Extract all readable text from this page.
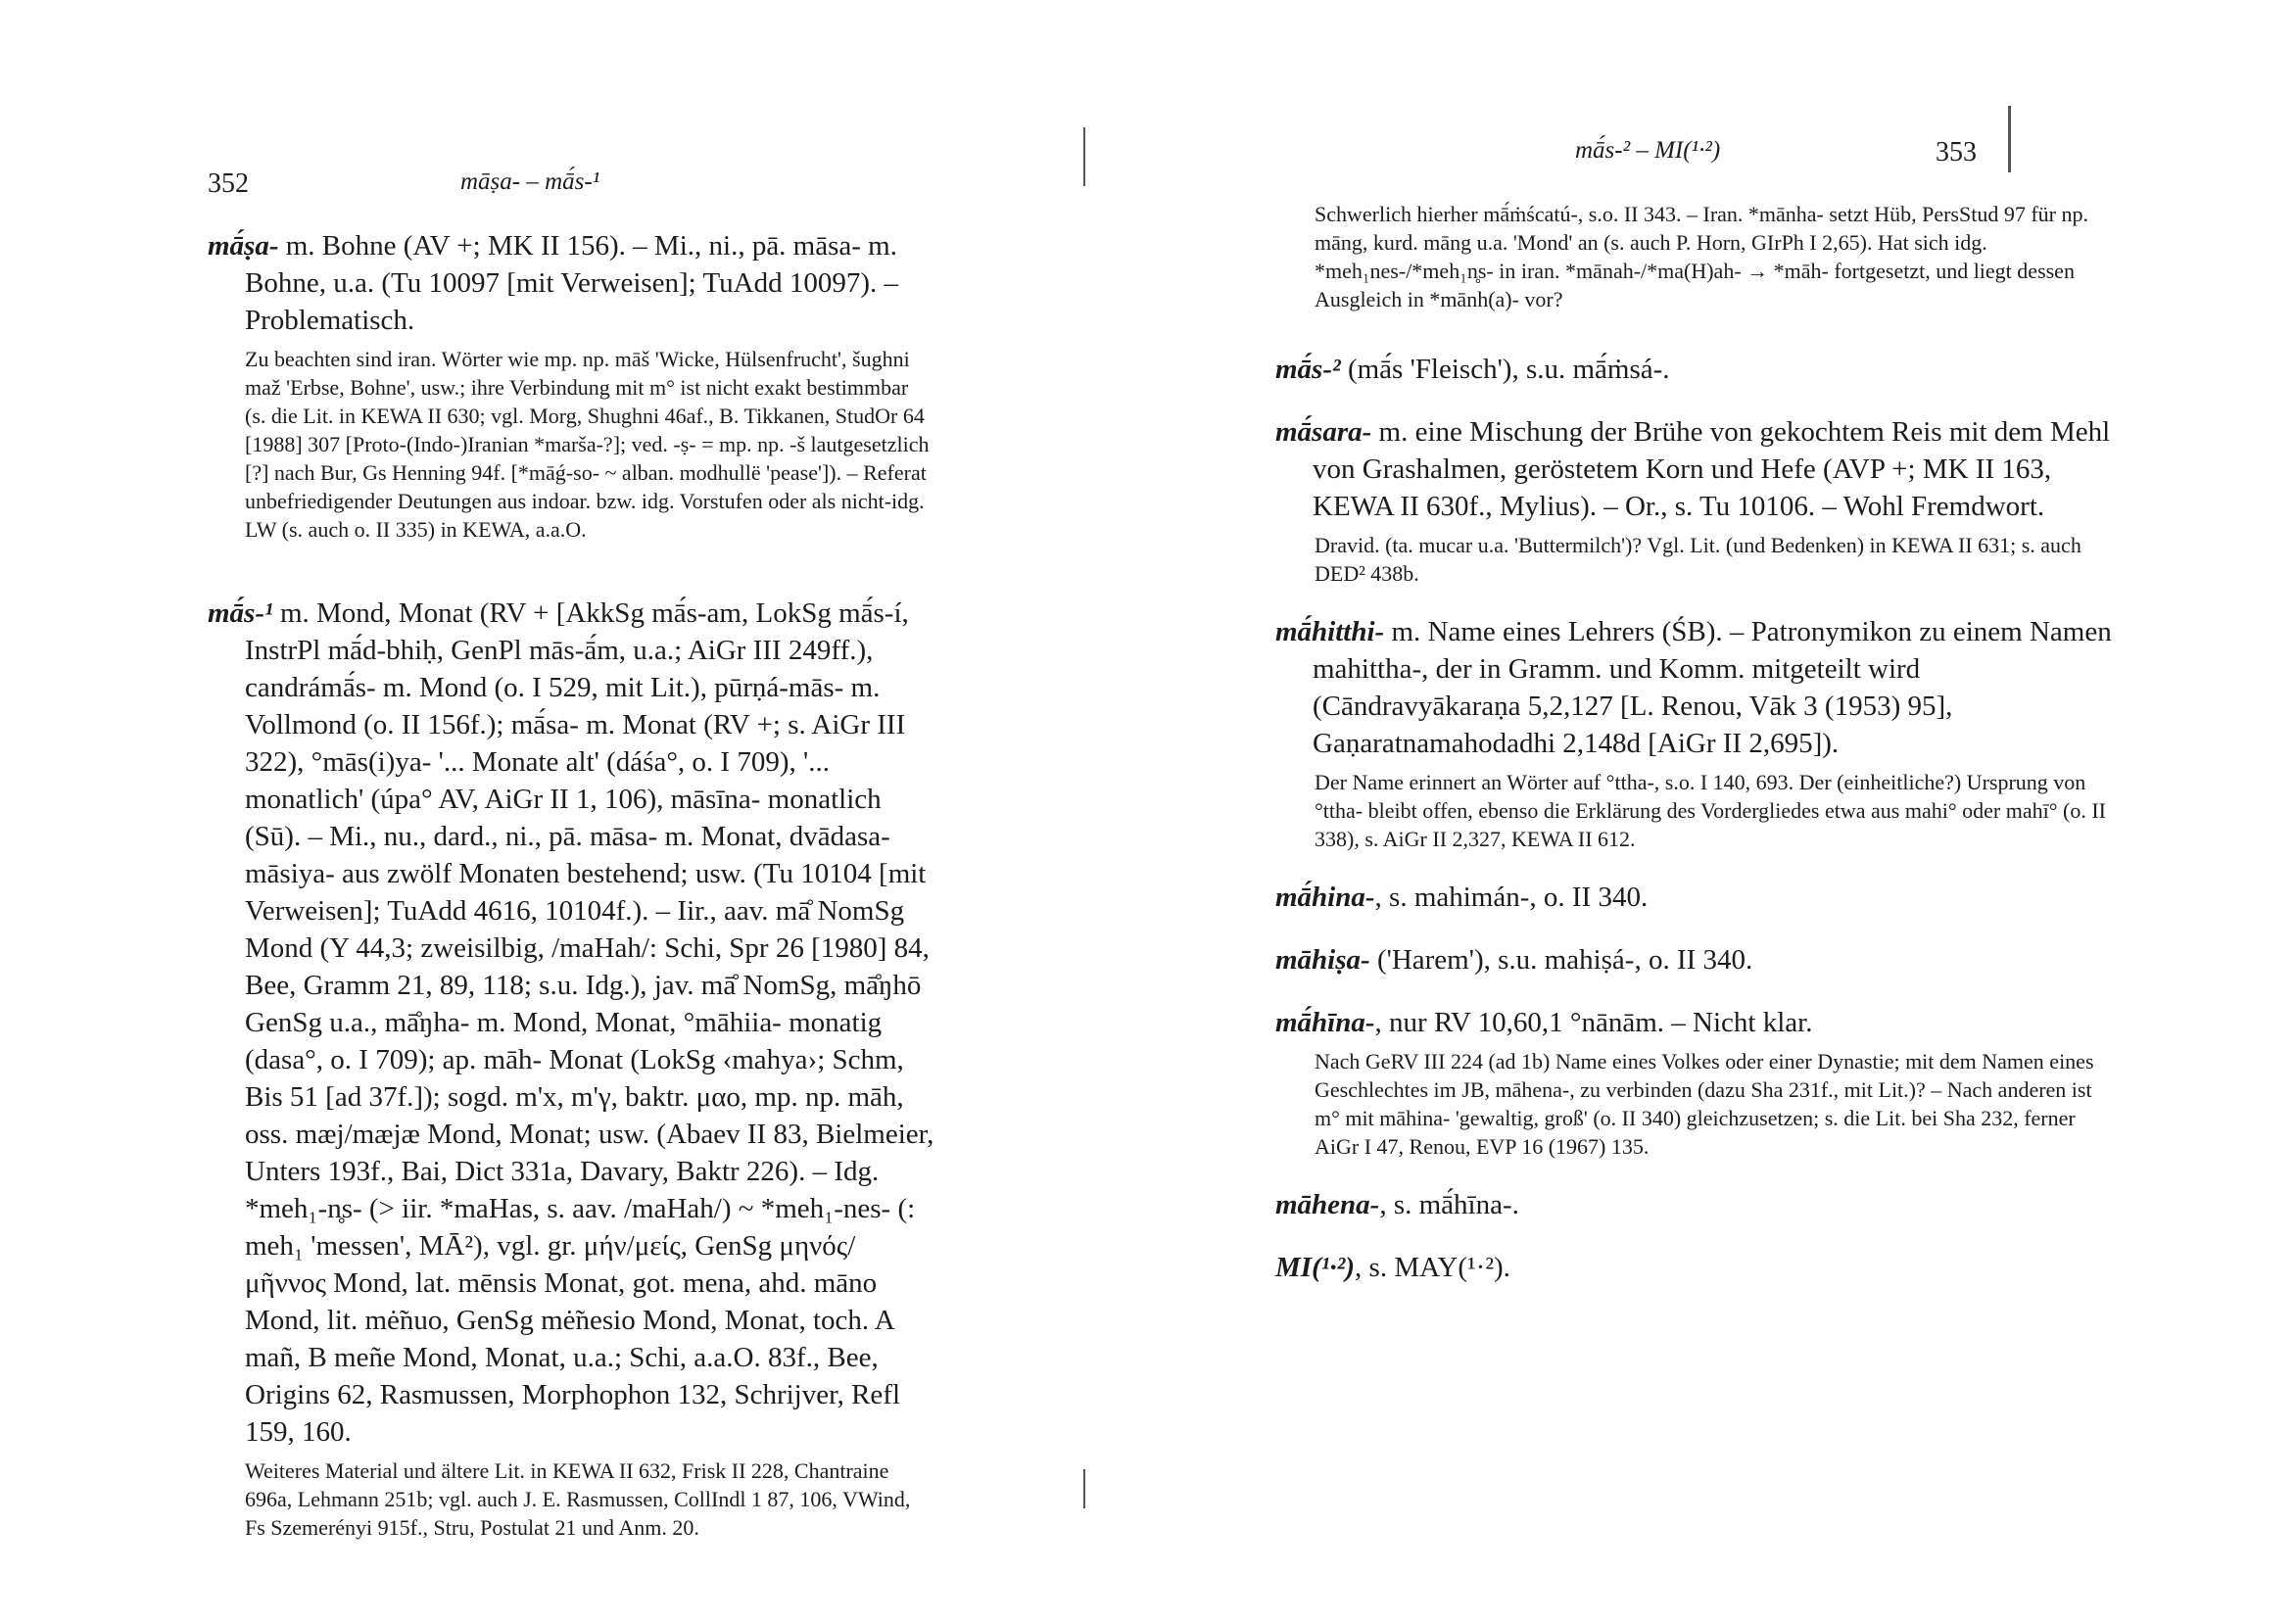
352	māṣa- – mā́s-¹

mā́ṣa- m. Bohne (AV +; MK II 156). – Mi., ni., pā. māsa- m. Bohne, u.a. (Tu 10097 [mit Verweisen]; TuAdd 10097). – Problematisch.

Zu beachten sind iran. Wörter wie mp. np. māš 'Wicke, Hülsenfrucht', šughni maž 'Erbse, Bohne', usw.; ihre Verbindung mit m° ist nicht exakt bestimmbar (s. die Lit. in KEWA II 630; vgl. Morg, Shughni 46af., B. Tikkanen, StudOr 64 [1988] 307 [Proto-(Indo-)Iranian *marša-?]; ved. -ṣ- = mp. np. -š lautgesetzlich [?] nach Bur, Gs Henning 94f. [*māǵ-so- ~ alban. modhullë 'pease']). – Referat unbefriedigender Deutungen aus indoar. bzw. idg. Vorstufen oder als nicht-idg. LW (s. auch o. II 335) in KEWA, a.a.O.

mā́s-¹ m. Mond, Monat (RV + [AkkSg mā́s-am, LokSg mā́s-í, InstrPl mā́d-bhiḥ, GenPl mās-ā́m, u.a.; AiGr III 249ff.), candrámā́s- m. Mond (o. I 529, mit Lit.), pūrṇá-mās- m. Vollmond (o. II 156f.); mā́sa- m. Monat (RV +; s. AiGr III 322), °mās(i)ya- '... Monate alt' (dáśa°, o. I 709), '... monatlich' (úpa° AV, AiGr II 1, 106), māsīna- monatlich (Sū). – Mi., nu., dard., ni., pā. māsa- m. Monat, dvādasa-māsiya- aus zwölf Monaten bestehend; usw. (Tu 10104 [mit Verweisen]; TuAdd 4616, 10104f.). – Iir., aav. mā̊ NomSg Mond (Y 44,3; zweisilbig, /maHah/: Schi, Spr 26 [1980] 84, Bee, Gramm 21, 89, 118; s.u. Idg.), jav. mā̊ NomSg, mā̊ŋhō GenSg u.a., mā̊ŋha- m. Mond, Monat, °māhiia- monatig (dasa°, o. I 709); ap. māh- Monat (LokSg ‹mahya›; Schm, Bis 51 [ad 37f.]); sogd. m'x, m'γ, baktr. μαο, mp. np. māh, oss. mæj/mæjæ Mond, Monat; usw. (Abaev II 83, Bielmeier, Unters 193f., Bai, Dict 331a, Davary, Baktr 226). – Idg. *meh₁-n̥s- (> iir. *maHas, s. aav. /maHah/) ~ *meh₁-nes- (: meh₁ 'messen', MĀ²), vgl. gr. μήν/μείς, GenSg μηνός/μῆννος Mond, lat. mēnsis Monat, got. mena, ahd. māno Mond, lit. mė̃nuo, GenSg mė̃nesio Mond, Monat, toch. A mañ, B meñe Mond, Monat, u.a.; Schi, a.a.O. 83f., Bee, Origins 62, Rasmussen, Morphophon 132, Schrijver, Refl 159, 160.

Weiteres Material und ältere Lit. in KEWA II 632, Frisk II 228, Chantraine 696a, Lehmann 251b; vgl. auch J. E. Rasmussen, CollIndl 1 87, 106, VWind, Fs Szemerényi 915f., Stru, Postulat 21 und Anm. 20.
mā́s-² – MI(¹·²)	353
Schwerlich hierher mā́ṁścatú-, s.o. II 343. – Iran. *mānha- setzt Hüb, PersStud 97 für np. māng, kurd. māng u.a. 'Mond' an (s. auch P. Horn, GIrPh I 2,65). Hat sich idg. *meh₁nes-/*meh₁n̥s- in iran. *mānah-/*ma(H)ah- → *māh- fortgesetzt, und liegt dessen Ausgleich in *mānh(a)- vor?

mā́s-² (mā́s 'Fleisch'), s.u. mā́ṁsá-.

mā́sara- m. eine Mischung der Brühe von gekochtem Reis mit dem Mehl von Grashalmen, geröstetem Korn und Hefe (AVP +; MK II 163, KEWA II 630f., Mylius). – Or., s. Tu 10106. – Wohl Fremdwort.

Dravid. (ta. mucar u.a. 'Buttermilch')? Vgl. Lit. (und Bedenken) in KEWA II 631; s. auch DED² 438b.

mā́hitthi- m. Name eines Lehrers (ŚB). – Patronymikon zu einem Namen mahittha-, der in Gramm. und Komm. mitgeteilt wird (Cāndravyākaraṇa 5,2,127 [L. Renou, Vāk 3 (1953) 95], Gaṇaratnamahodadhi 2,148d [AiGr II 2,695]).

Der Name erinnert an Wörter auf °ttha-, s.o. I 140, 693. Der (einheitliche?) Ursprung von °ttha- bleibt offen, ebenso die Erklärung des Vordergliedes etwa aus mahi° oder mahī° (o. II 338), s. AiGr II 2,327, KEWA II 612.

mā́hina-, s. mahimán-, o. II 340.

māhiṣa- ('Harem'), s.u. mahiṣá-, o. II 340.

mā́hīna-, nur RV 10,60,1 °nānām. – Nicht klar.

Nach GeRV III 224 (ad 1b) Name eines Volkes oder einer Dynastie; mit dem Namen eines Geschlechtes im JB, māhena-, zu verbinden (dazu Sha 231f., mit Lit.)? – Nach anderen ist m° mit māhina- 'gewaltig, groß' (o. II 340) gleichzusetzen; s. die Lit. bei Sha 232, ferner AiGr I 47, Renou, EVP 16 (1967) 135.

māhena-, s. mā́hīna-.

MI(¹·²), s. MAY(¹·²).
